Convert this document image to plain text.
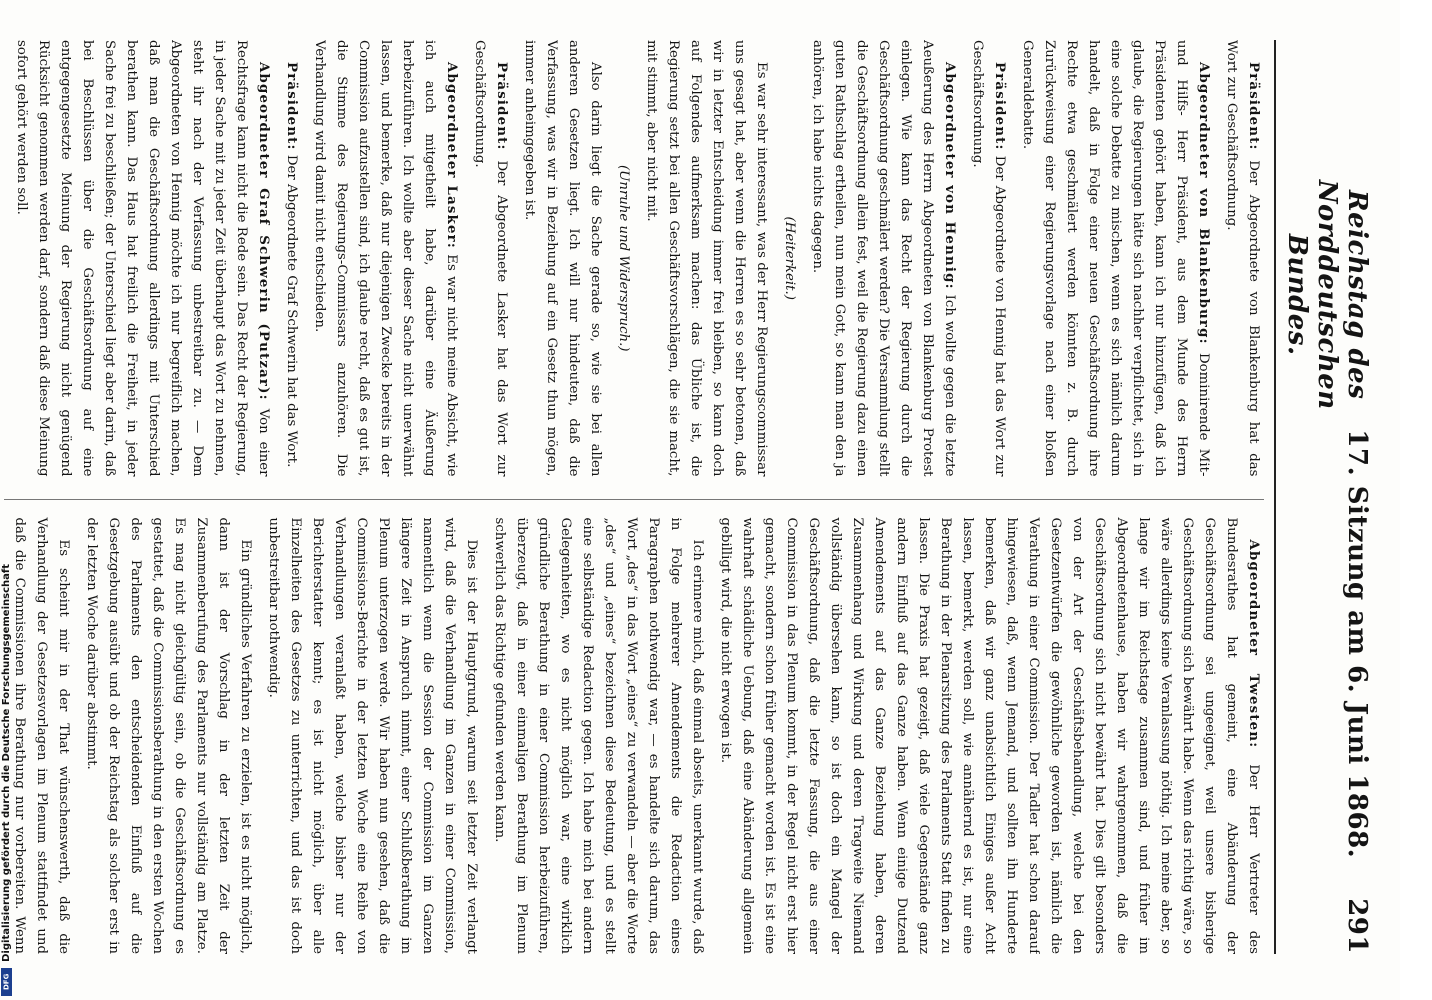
Reichstag des Norddeutschen Bundes.
17. Sitzung am 6. Juni 1868.
291

Präsident: Der Abgeordnete von Blankenburg hat das Wort zur Geschäftsordnung.

Abgeordneter von Blankenburg: Dominirende Mit- und Hilfs- Herr Präsident, aus dem Munde des Herrn Präsidenten gehört haben, kann ich nur hinzufügen, daß ich glaube, die Regierungen hätte sich nachher verpflichtet, sich in eine solche Debatte zu mischen, wenn es sich nämlich darum handelt, daß in Folge einer neuen Geschäftsordnung ihre Rechte etwa geschmälert werden könnten z. B. durch Zurückweisung einer Regierungsvorlage nach einer bloßen Generaldebatte.

Präsident: Der Abgeordnete von Hennig hat das Wort zur Geschäftsordnung.

Abgeordneter von Hennig: Ich wollte gegen die letzte Aeußerung des Herrn Abgeordneten von Blankenburg Protest einlegen. Wie kann das Recht der Regierung durch die Geschäftsordnung geschmälert werden? Die Versammlung stellt die Geschäftsordnung allein fest, weil die Regierung dazu einen guten Rathschlag ertheilen, nun mein Gott, so kann man den ja anhören, ich habe nichts dagegen.

(Heiterkeit.)

Es war sehr interessant, was der Herr Regierungscommissar uns gesagt hat, aber wenn die Herren es so sehr betonen, daß wir in letzter Entscheidung immer frei bleiben, so kann doch auf Folgendes aufmerksam machen: das Übliche ist, die Regierung setzt bei allen Geschäftsvorschlägen, die sie macht, mit stimmt, aber nicht mit.

(Unruhe und Widerspruch.)

Also darin liegt die Sache gerade so, wie sie bei allen anderen Gesetzen liegt. Ich will nur hindeuten, daß die Verfassung, was wir in Beziehung auf ein Gesetz thun mögen, immer anheimgegeben ist.

Präsident: Der Abgeordnete Lasker hat das Wort zur Geschäftsordnung.

Abgeordneter Lasker: Es war nicht meine Absicht, wie ich auch mitgetheilt habe, darüber eine Äußerung herbeizuführen. Ich wollte aber dieser Sache nicht unerwähnt lassen, und bemerke, daß nur diejenigen Zwecke bereits in der Commission aufzustellen sind, ich glaube recht, daß es gut ist, die Stimme des Regierungs-Commissars anzuhören. Die Verhandlung wird damit nicht entschieden.

Präsident: Der Abgeordnete Graf Schwerin hat das Wort.

Abgeordneter Graf Schwerin (Putzar): Von einer Rechtsfrage kann nicht die Rede sein. Das Recht der Regierung, in jeder Sache mit zu jeder Zeit überhaupt das Wort zu nehmen, steht ihr nach der Verfassung unbestreitbar zu. — Dem Abgeordneten von Hennig möchte ich nur begreiflich machen, daß man die Geschäftsordnung allerdings mit Unterschied berathen kann. Das Haus hat freilich die Freiheit, in jeder Sache frei zu beschließen; der Unterschied liegt aber darin, daß bei Beschlüssen über die Geschäftsordnung auf eine entgegengesetzte Meinung der Regierung nicht genügend Rücksicht genommen werden darf, sondern daß diese Meinung sofort gehört werden soll.

Abgeordneter Twesten: Der Herr Vertreter des Bundesrathes hat gemeint, eine Abänderung der Geschäftsordnung sei ungeeignet, weil unsere bisherige Geschäftsordnung sich bewährt habe. Wenn das richtig wäre, so wäre allerdings keine Veranlassung nöthig. Ich meine aber, so lange wir im Reichstage zusammen sind, und früher im Abgeordnetenhause, haben wir wahrgenommen, daß die Geschäftsordnung sich nicht bewährt hat. Dies gilt besonders von der Art der Geschäftsbehandlung, welche bei den Gesetzentwürfen die gewöhnliche geworden ist, nämlich die Verathung in einer Commission. Der Tadler hat schon darauf hingewiesen, daß, wenn Jemand, und sollten ihn Hunderte bemerken, daß wir ganz unabsichtlich Einiges außer Acht lassen, bemerkt, werden soll, wie annähernd es ist, nur eine Berathung in der Plenarsitzung des Parlaments Statt finden zu lassen. Die Praxis hat gezeigt, daß viele Gegenstände ganz andern Einfluß auf das Ganze haben. Wenn einige Dutzend Amendements auf das Ganze Beziehung haben, deren Zusammenhang und Wirkung und deren Tragweite Niemand vollständig übersehen kann, so ist doch ein Mangel der Geschäftsordnung, daß die letzte Fassung, die aus einer Commission in das Plenum kommt, in der Regel nicht erst hier gemacht, sondern schon früher gemacht worden ist. Es ist eine wahrhaft schädliche Uebung, daß eine Abänderung allgemein gebilligt wird, die nicht erwogen ist.

Ich erinnere mich, daß einmal abseits, unerkannt wurde, daß in Folge mehrerer Amendements die Redaction eines Paragraphen nothwendig war, — es handelte sich darum, das Wort „des“ in das Wort „eines“ zu verwandeln — aber die Worte „des“ und „eines“ bezeichnen diese Bedeutung, und es stellt eine selbständige Redaction gegen. Ich habe mich bei andern Gelegenheiten, wo es nicht möglich war, eine wirklich gründliche Berathung in einer Commission herbeizuführen, überzeugt, daß in einer einmaligen Berathung im Plenum schwerlich das Richtige gefunden werden kann.

Dies ist der Hauptgrund, warum seit letzter Zeit verlangt wird, daß die Verhandlung im Ganzen in einer Commission, namentlich wenn die Session der Commission im Ganzen längere Zeit in Anspruch nimmt, einer Schlußberathung im Plenum unterzogen werde. Wir haben nun gesehen, daß die Commissions-Berichte in der letzten Woche eine Reihe von Verhandlungen veranlaßt haben, welche bisher nur der Berichterstatter kennt; es ist nicht möglich, über alle Einzelheiten des Gesetzes zu unterrichten, und das ist doch unbestreitbar nothwendig.

Ein gründliches Verfahren zu erzielen, ist es nicht möglich, dann ist der Vorschlag in der letzten Zeit der Zusammenberufung des Parlaments nur vollständig am Platze. Es mag nicht gleichgültig sein, ob die Geschäftsordnung es gestattet, daß die Commissionsberathung in den ersten Wochen des Parlaments den entscheidenden Einfluß auf die Gesetzgebung ausübt und ob der Reichstag als solcher erst in der letzten Woche darüber abstimmt.

Es scheint mir in der That wünschenswerth, daß die Verhandlung der Gesetzesvorlagen im Plenum stattfindet und daß die Commissionen ihre Berathung nur vorbereiten. Wenn

Digitalisierung gefördert durch die Deutsche Forschungsgemeinschaft
DFG
